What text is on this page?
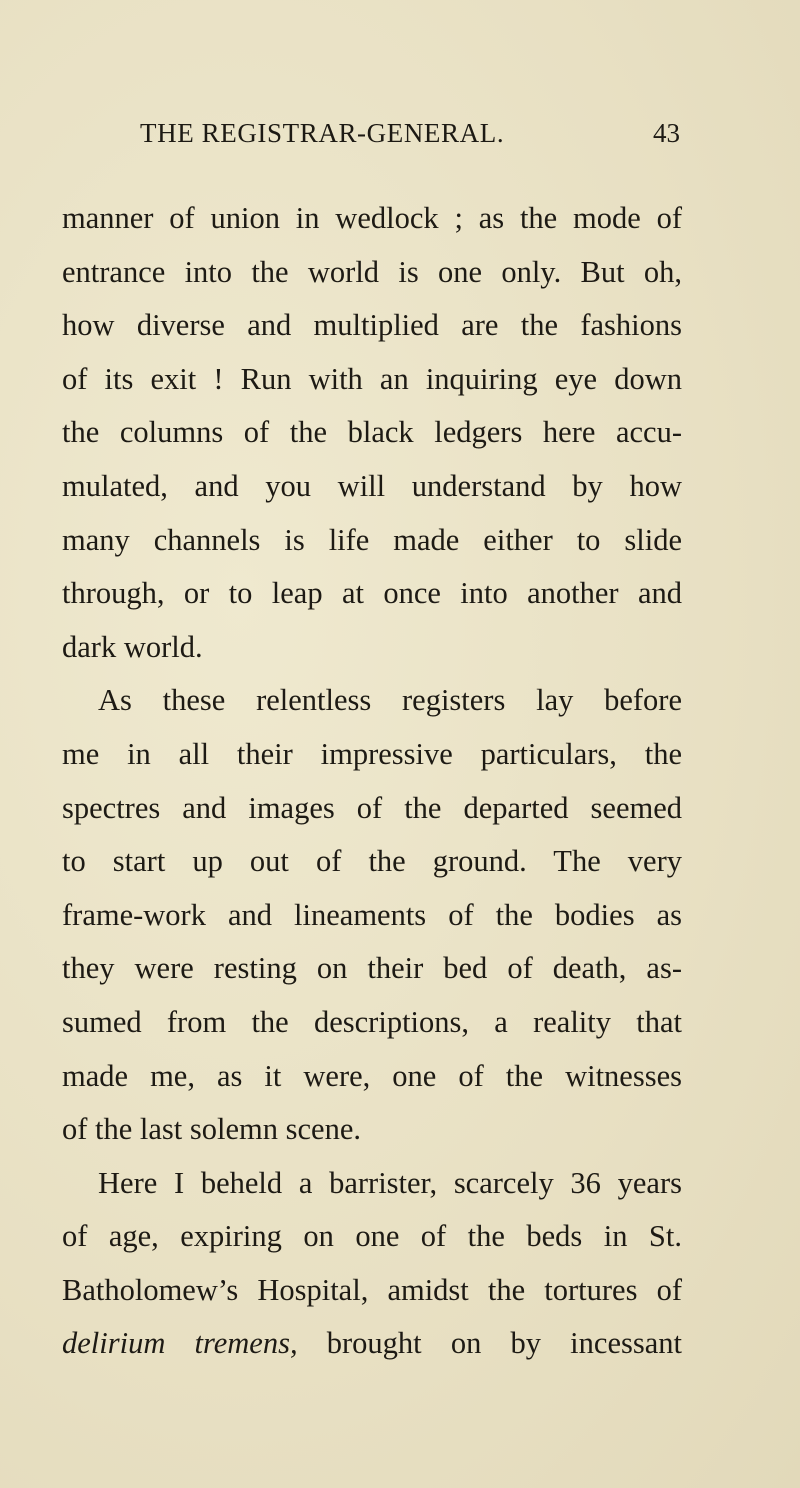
THE REGISTRAR-GENERAL.	43
manner of union in wedlock ; as the mode of
entrance into the world is one only. But oh,
how diverse and multiplied are the fashions
of its exit ! Run with an inquiring eye down
the columns of the black ledgers here accu-
mulated, and you will understand by how
many channels is life made either to slide
through, or to leap at once into another and
dark world.
As these relentless registers lay before
me in all their impressive particulars, the
spectres and images of the departed seemed
to start up out of the ground. The very
frame-work and lineaments of the bodies as
they were resting on their bed of death, as-
sumed from the descriptions, a reality that
made me, as it were, one of the witnesses
of the last solemn scene.
Here I beheld a barrister, scarcely 36 years
of age, expiring on one of the beds in St.
Batholomew’s Hospital, amidst the tortures of
delirium tremens, brought on by incessant
